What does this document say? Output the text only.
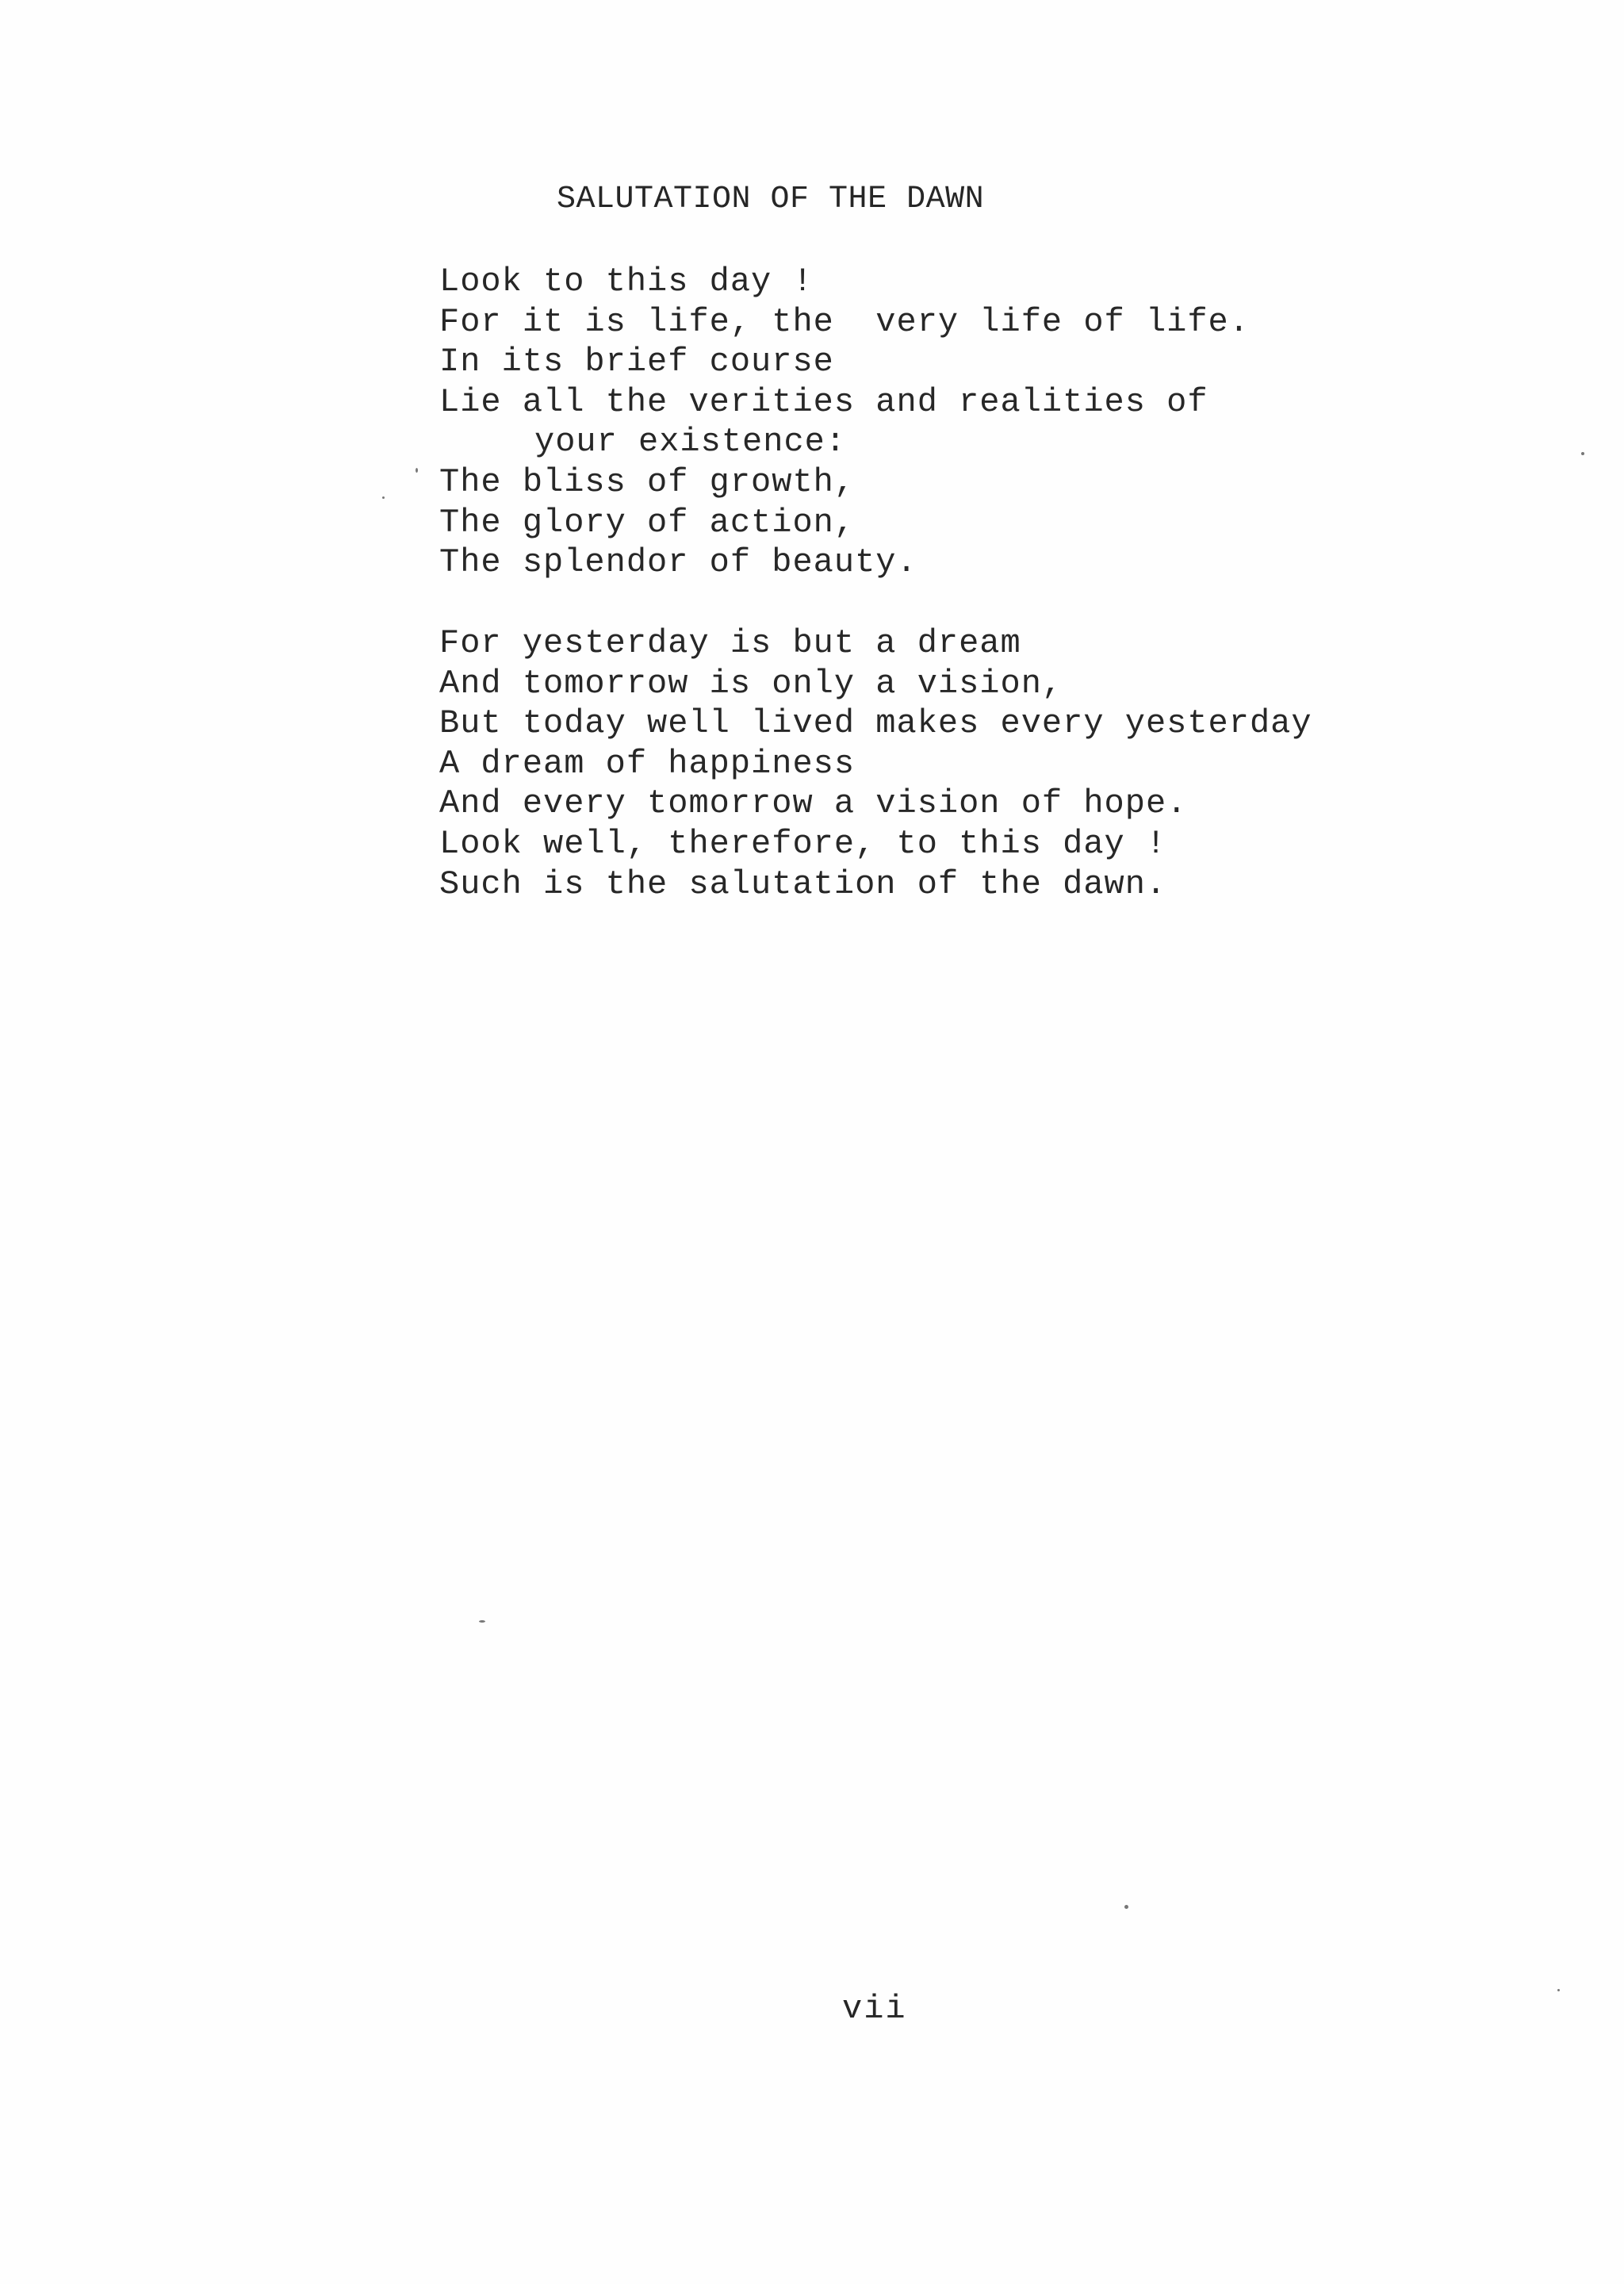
SALUTATION OF THE DAWN
Look to this day !
For it is life, the  very life of life.
In its brief course
Lie all the verities and realities of
your existence:
The bliss of growth,
The glory of action,
The splendor of beauty.
For yesterday is but a dream
And tomorrow is only a vision,
But today well lived makes every yesterday
A dream of happiness
And every tomorrow a vision of hope.
Look well, therefore, to this day !
Such is the salutation of the dawn.
vii
